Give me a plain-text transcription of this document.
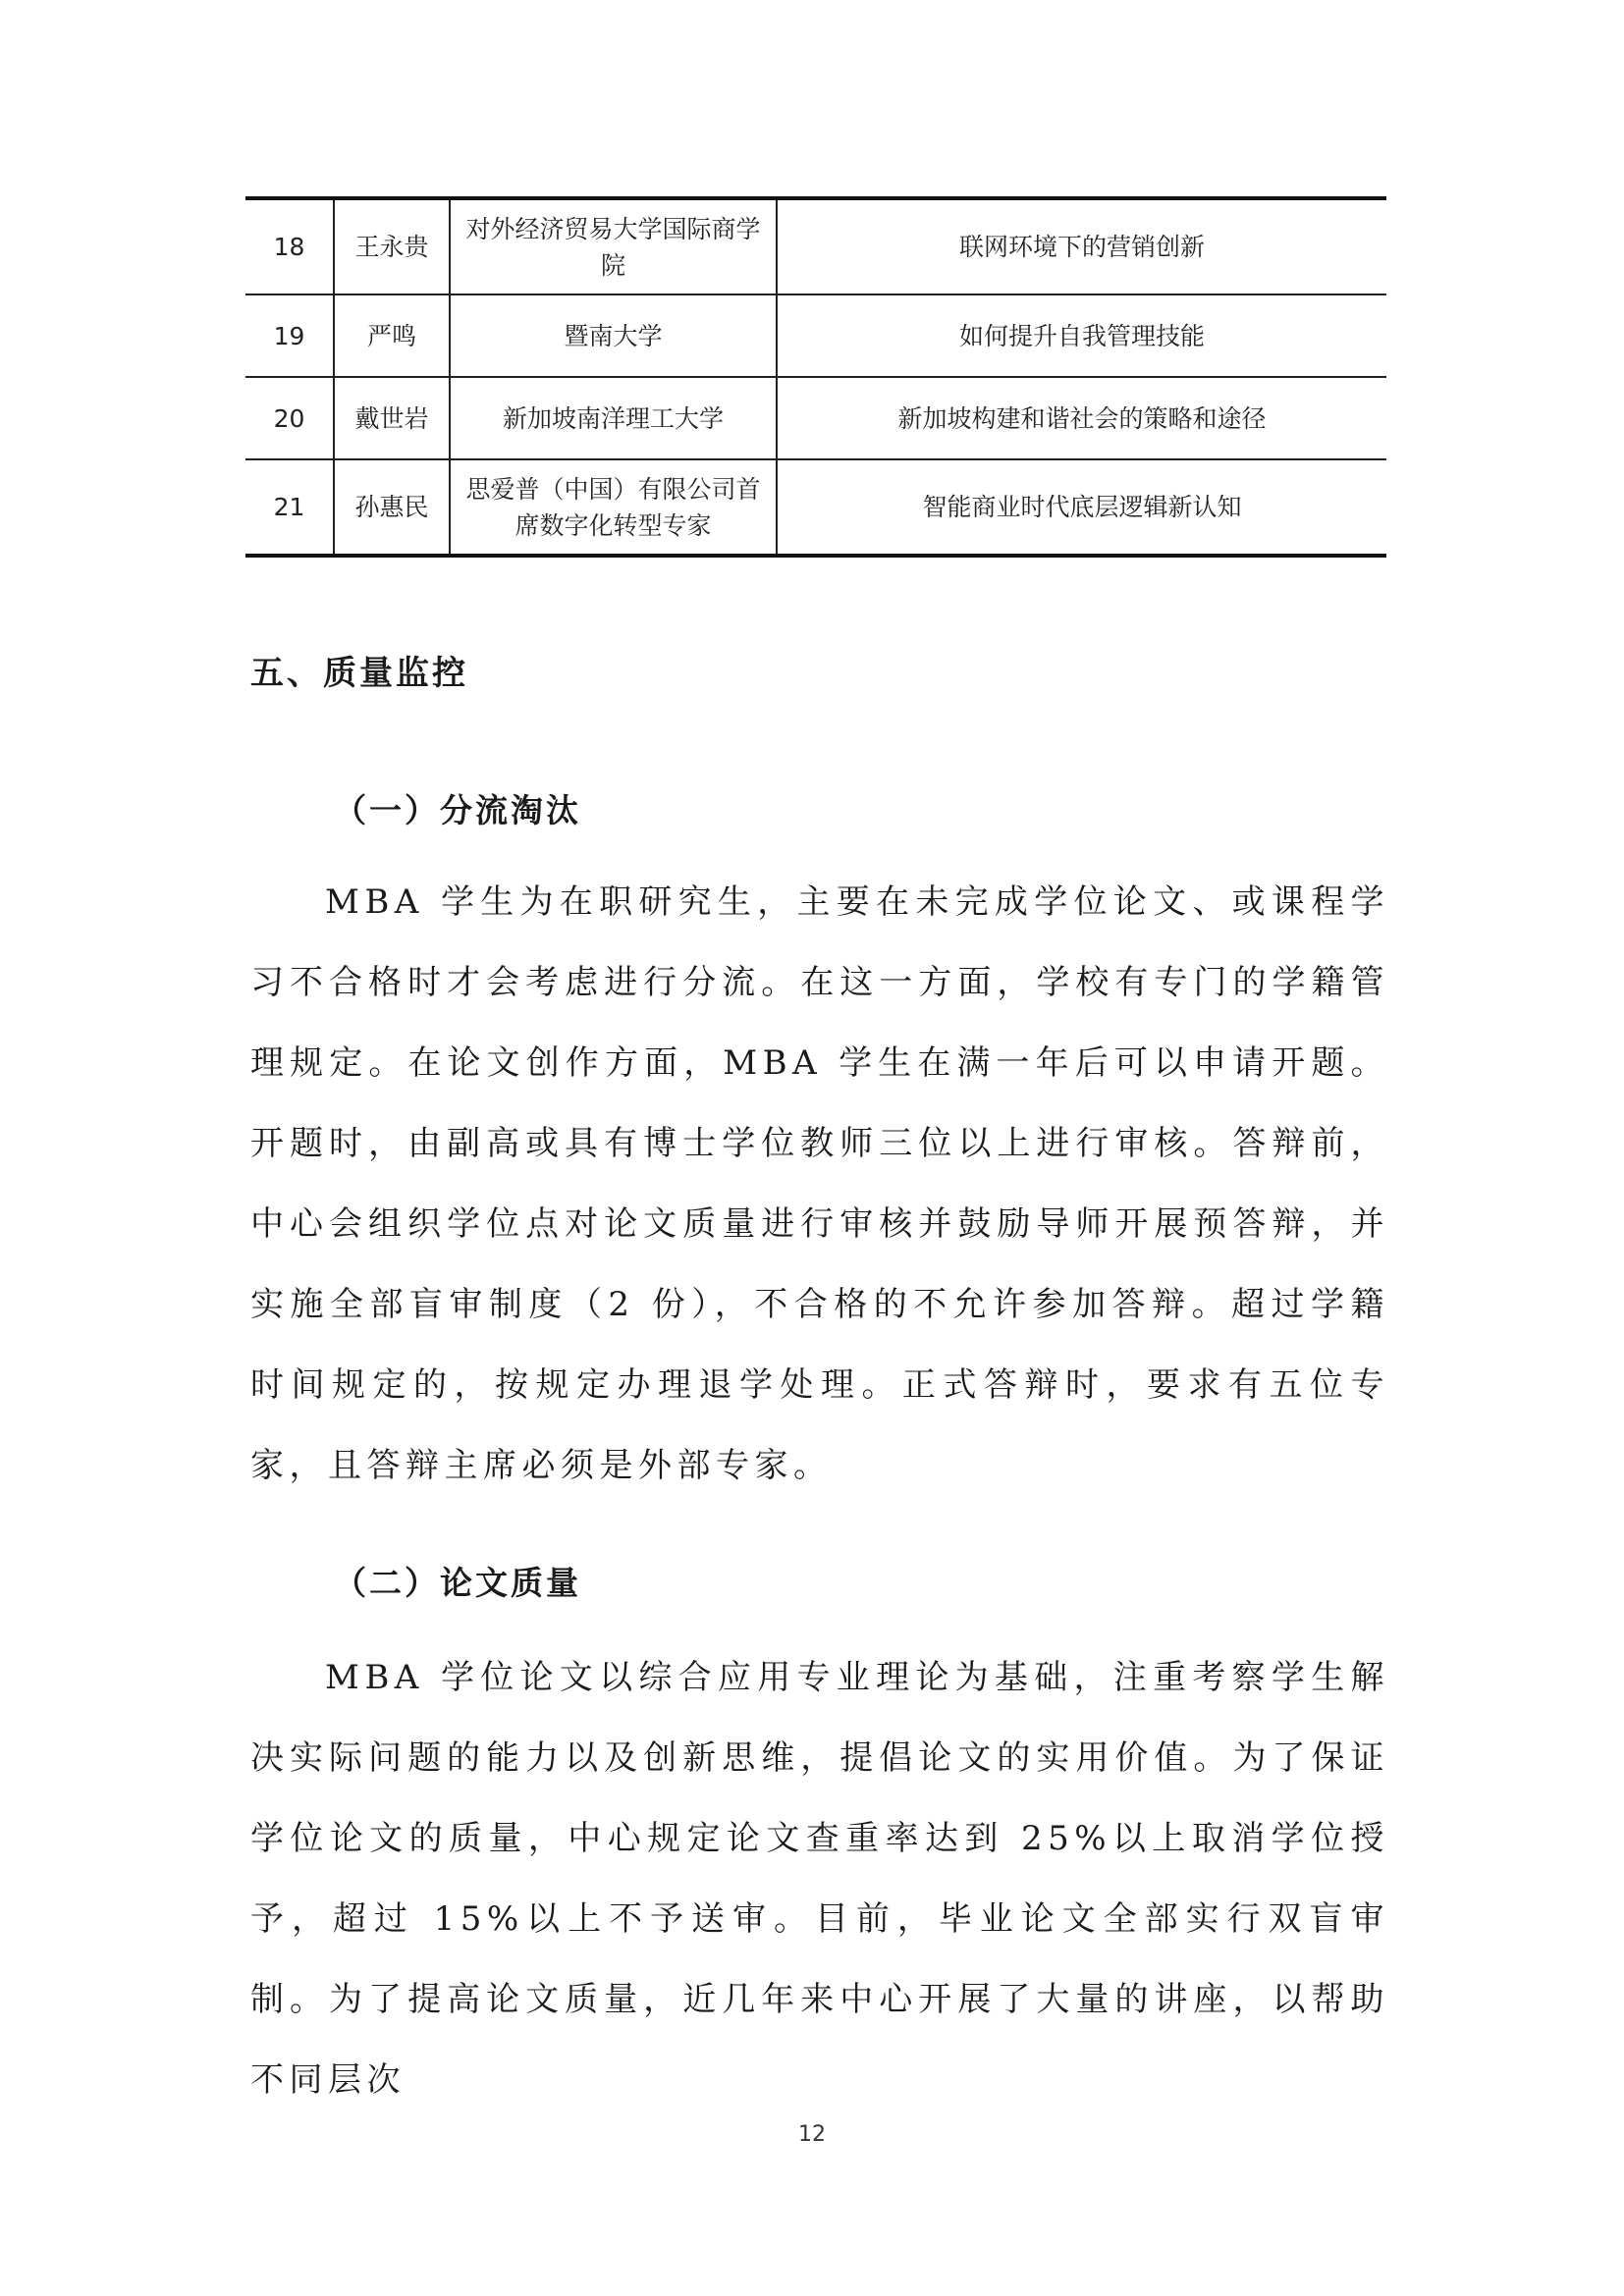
18	王永贵	对外经济贸易大学国际商学院	联网环境下的营销创新
19	严鸣	暨南大学	如何提升自我管理技能
20	戴世岩	新加坡南洋理工大学	新加坡构建和谐社会的策略和途径
21	孙惠民	思爱普（中国）有限公司首席数字化转型专家	智能商业时代底层逻辑新认知
五、质量监控
（一）分流淘汰
MBA 学生为在职研究生，主要在未完成学位论文、或课程学习不合格时才会考虑进行分流。在这一方面，学校有专门的学籍管理规定。在论文创作方面，MBA 学生在满一年后可以申请开题。开题时，由副高或具有博士学位教师三位以上进行审核。答辩前，中心会组织学位点对论文质量进行审核并鼓励导师开展预答辩，并实施全部盲审制度（2 份），不合格的不允许参加答辩。超过学籍时间规定的，按规定办理退学处理。正式答辩时，要求有五位专家，且答辩主席必须是外部专家。
（二）论文质量
MBA 学位论文以综合应用专业理论为基础，注重考察学生解决实际问题的能力以及创新思维，提倡论文的实用价值。为了保证学位论文的质量，中心规定论文查重率达到 25%以上取消学位授予，超过 15%以上不予送审。目前，毕业论文全部实行双盲审制。为了提高论文质量，近几年来中心开展了大量的讲座，以帮助不同层次
12
